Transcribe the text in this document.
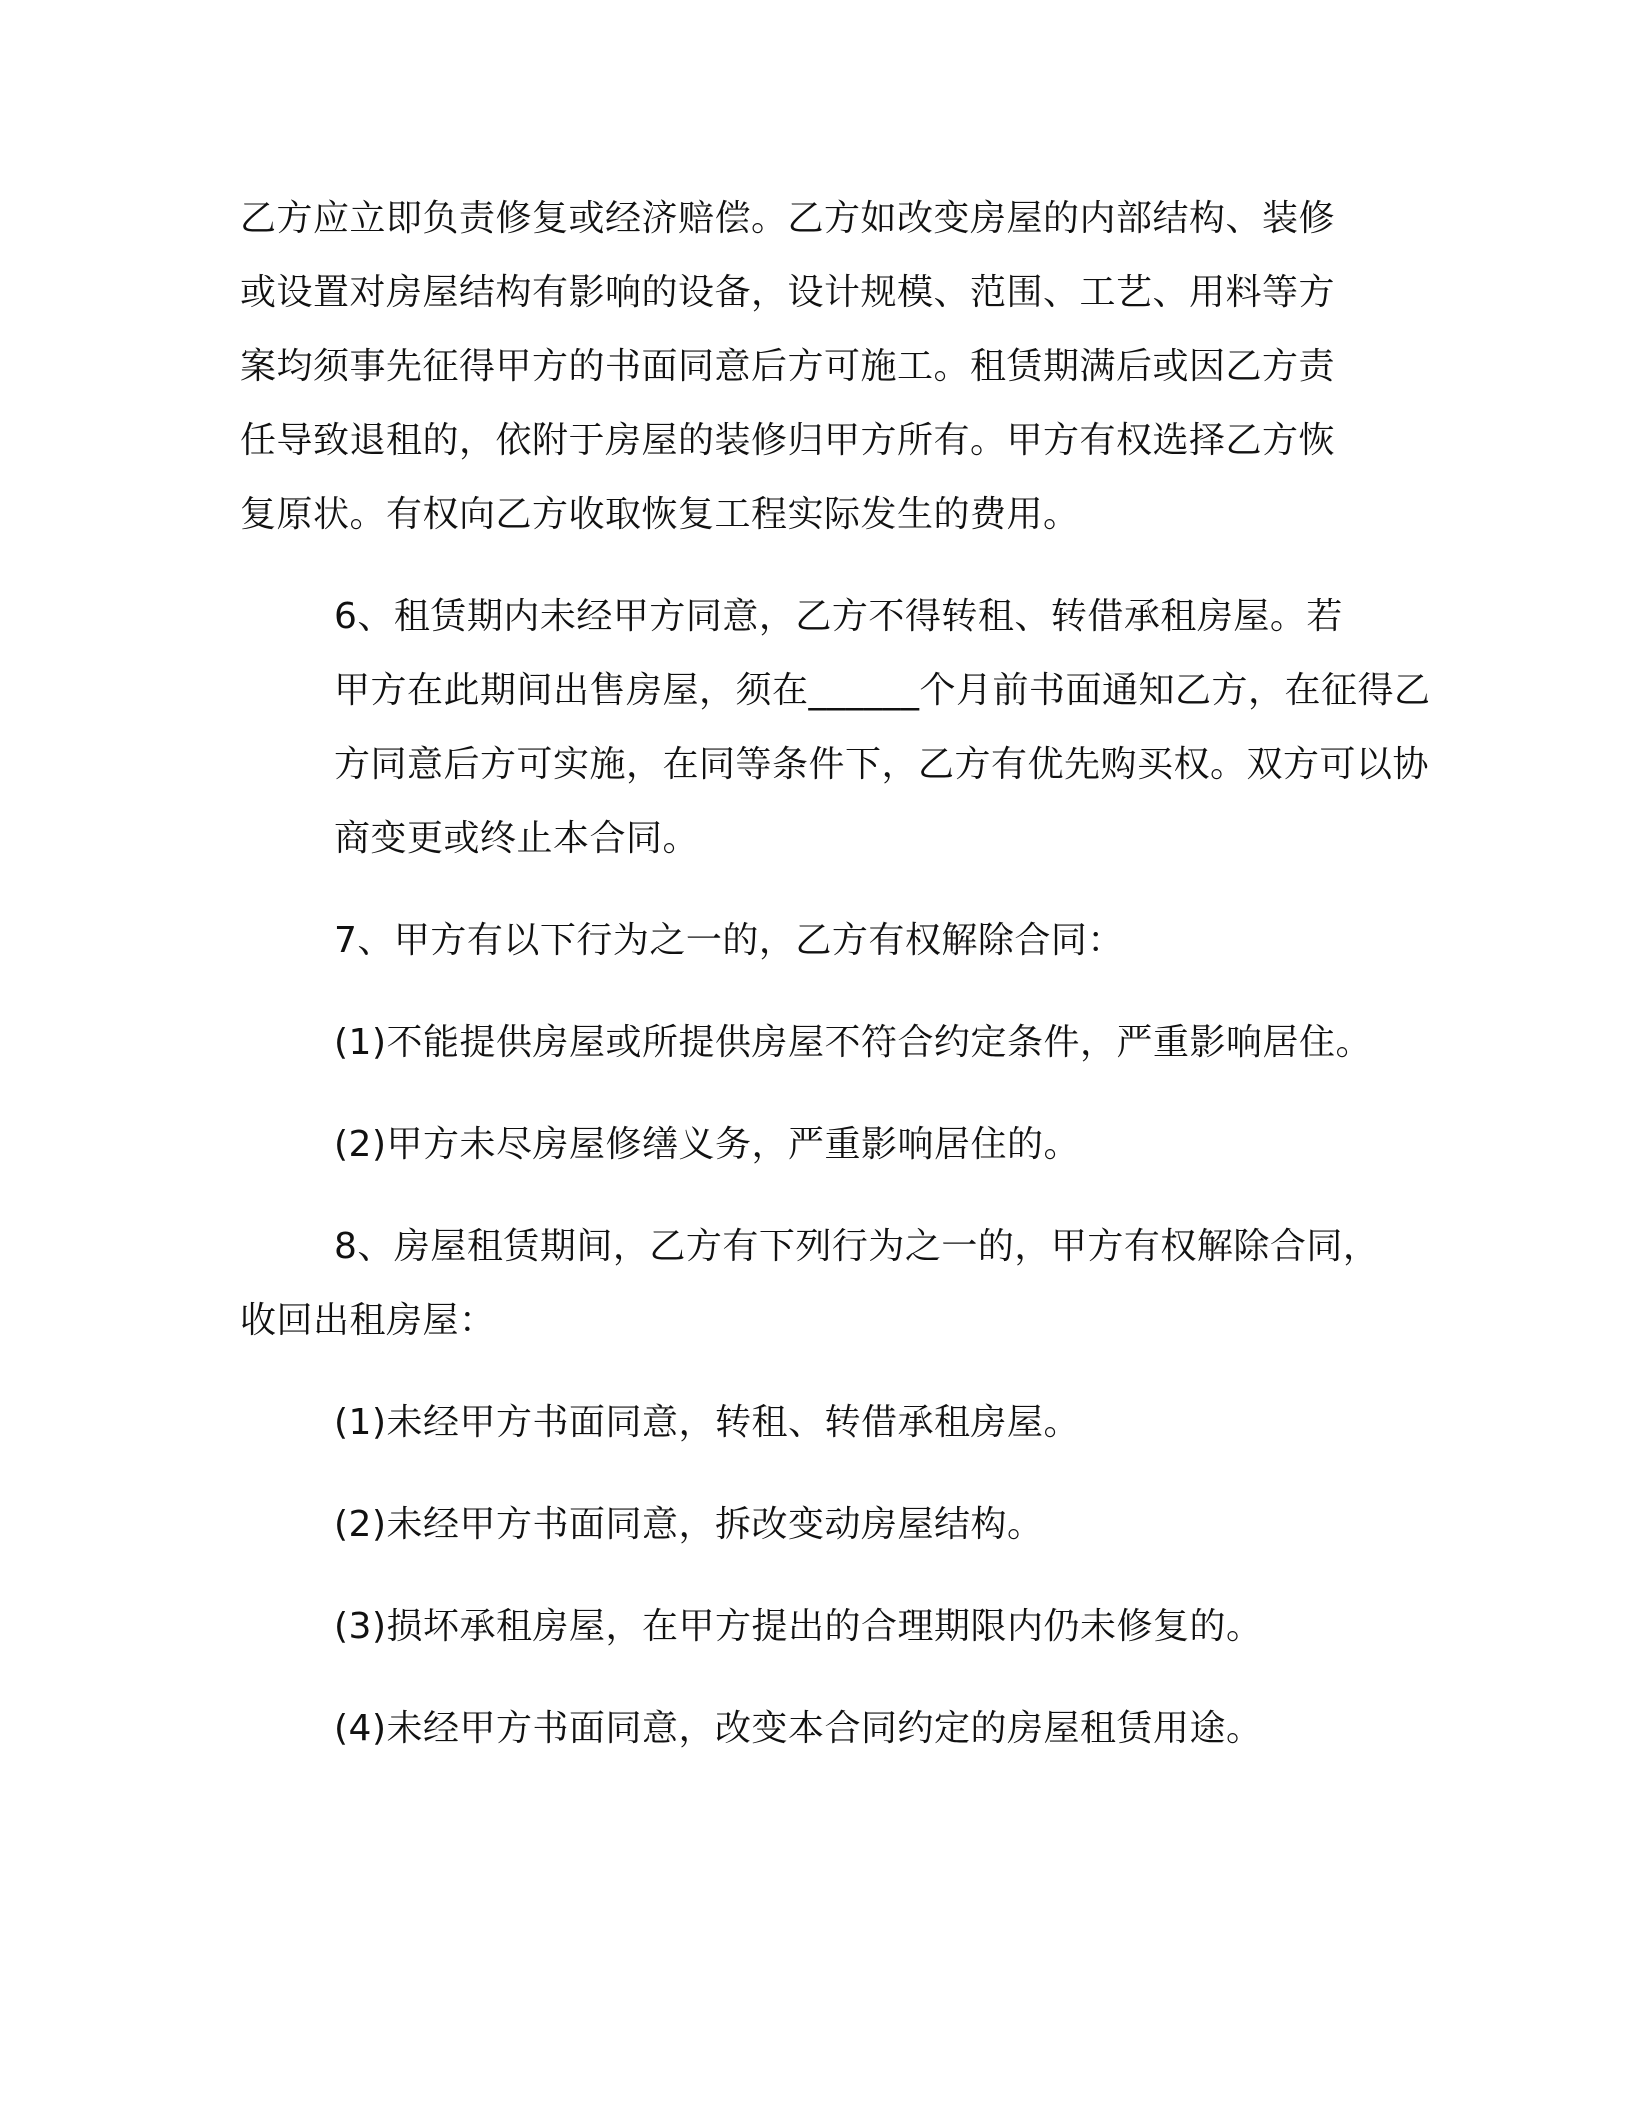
乙方应立即负责修复或经济赔偿。乙方如改变房屋的内部结构、装修
或设置对房屋结构有影响的设备，设计规模、范围、工艺、用料等方
案均须事先征得甲方的书面同意后方可施工。租赁期满后或因乙方责
任导致退租的，依附于房屋的装修归甲方所有。甲方有权选择乙方恢
复原状。有权向乙方收取恢复工程实际发生的费用。

6、租赁期内未经甲方同意，乙方不得转租、转借承租房屋。若
甲方在此期间出售房屋，须在______个月前书面通知乙方，在征得乙
方同意后方可实施，在同等条件下，乙方有优先购买权。双方可以协
商变更或终止本合同。

7、甲方有以下行为之一的，乙方有权解除合同：

(1)不能提供房屋或所提供房屋不符合约定条件，严重影响居住。

(2)甲方未尽房屋修缮义务，严重影响居住的。

8、房屋租赁期间，乙方有下列行为之一的，甲方有权解除合同，
收回出租房屋：

(1)未经甲方书面同意，转租、转借承租房屋。

(2)未经甲方书面同意，拆改变动房屋结构。

(3)损坏承租房屋，在甲方提出的合理期限内仍未修复的。

(4)未经甲方书面同意，改变本合同约定的房屋租赁用途。
